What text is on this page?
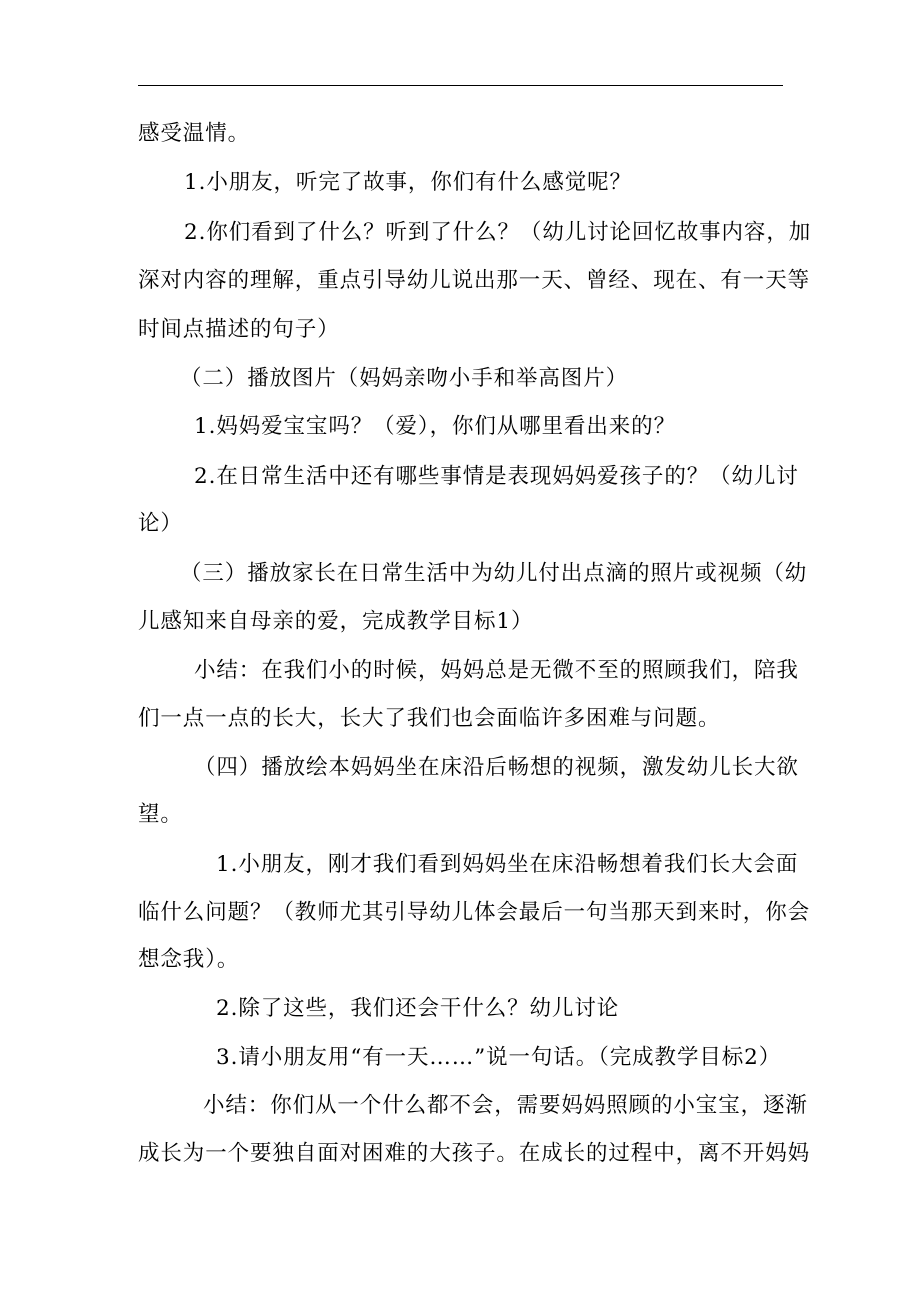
感受温情。
1.小朋友，听完了故事，你们有什么感觉呢？
2.你们看到了什么？听到了什么？（幼儿讨论回忆故事内容，加
深对内容的理解，重点引导幼儿说出那一天、曾经、现在、有一天等
时间点描述的句子）
（二）播放图片（妈妈亲吻小手和举高图片）
1.妈妈爱宝宝吗？（爱），你们从哪里看出来的？
2.在日常生活中还有哪些事情是表现妈妈爱孩子的？（幼儿讨
论）
（三）播放家长在日常生活中为幼儿付出点滴的照片或视频（幼
儿感知来自母亲的爱，完成教学目标1）
小结：在我们小的时候，妈妈总是无微不至的照顾我们，陪我
们一点一点的长大，长大了我们也会面临许多困难与问题。
（四）播放绘本妈妈坐在床沿后畅想的视频，激发幼儿长大欲
望。
1.小朋友，刚才我们看到妈妈坐在床沿畅想着我们长大会面
临什么问题？（教师尤其引导幼儿体会最后一句当那天到来时，你会
想念我）。
2.除了这些，我们还会干什么？幼儿讨论
3.请小朋友用“有一天……”说一句话。（完成教学目标2）
小结：你们从一个什么都不会，需要妈妈照顾的小宝宝，逐渐
成长为一个要独自面对困难的大孩子。在成长的过程中，离不开妈妈
